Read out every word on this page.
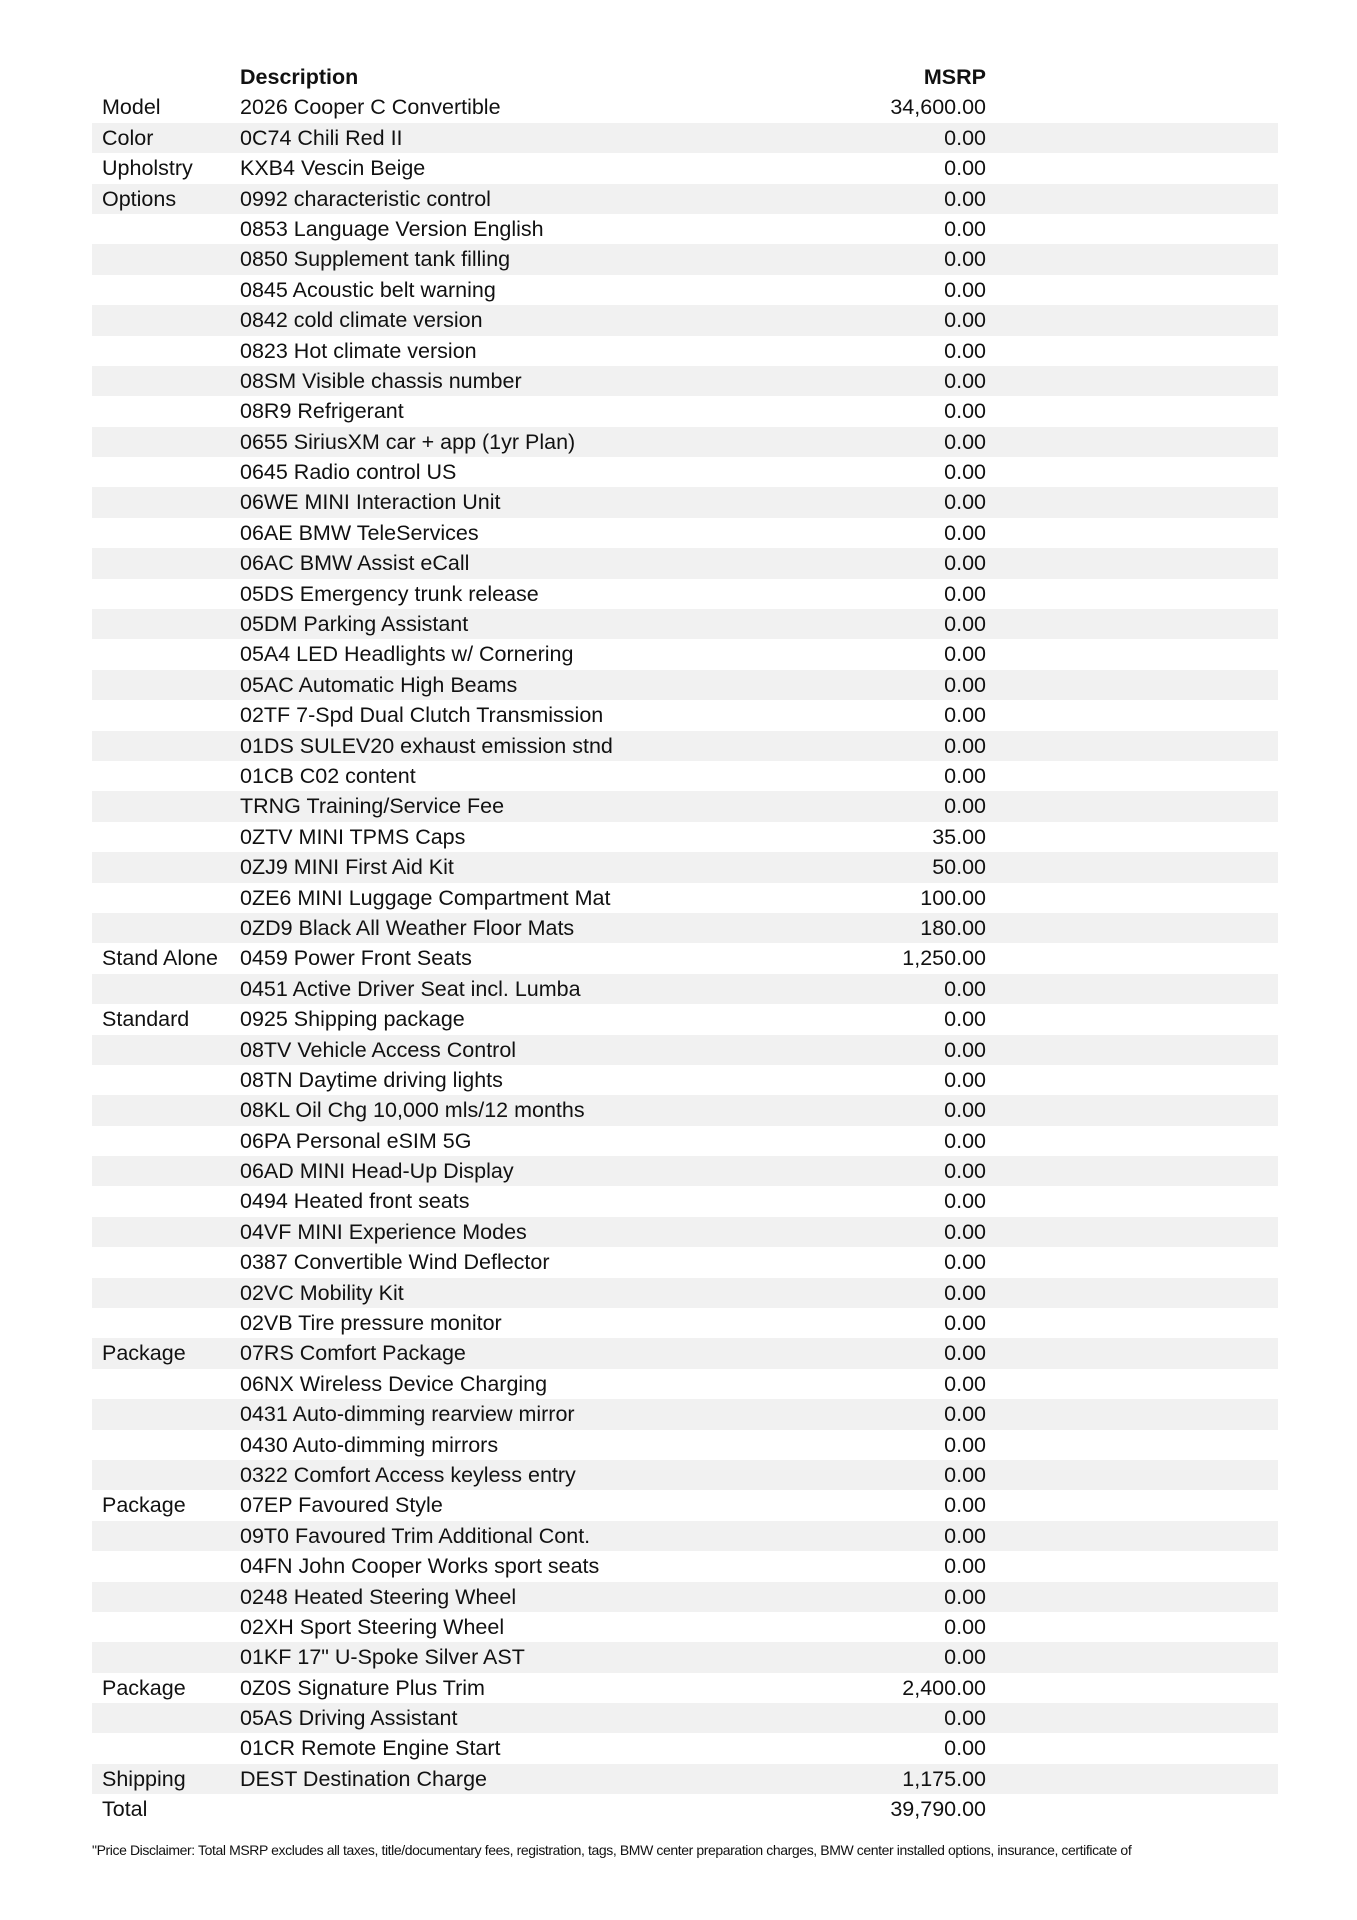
Description	MSRP
Model	2026 Cooper C Convertible	34,600.00
Color	0C74 Chili Red II	0.00
Upholstry KXB4 Vescin Beige	0.00
Options	0992 characteristic control	0.00
0853 Language Version English	0.00
0850 Supplement tank filling	0.00
0845 Acoustic belt warning	0.00
0842 cold climate version	0.00
0823 Hot climate version	0.00
08SM Visible chassis number	0.00
08R9 Refrigerant	0.00
0655 SiriusXM car + app (1yr Plan)	0.00
0645 Radio control US	0.00
06WE MINI Interaction Unit	0.00
06AE BMW TeleServices	0.00
06AC BMW Assist eCall	0.00
05DS Emergency trunk release	0.00
05DM Parking Assistant	0.00
05A4 LED Headlights w/ Cornering	0.00
05AC Automatic High Beams	0.00
02TF 7-Spd Dual Clutch Transmission	0.00
01DS SULEV20 exhaust emission stnd	0.00
01CB C02 content	0.00
TRNG Training/Service Fee	0.00
0ZTV MINI TPMS Caps	35.00
0ZJ9 MINI First Aid Kit	50.00
0ZE6 MINI Luggage Compartment Mat	100.00
0ZD9 Black All Weather Floor Mats	180.00
Stand Alone 0459 Power Front Seats	1,250.00
0451 Active Driver Seat incl. Lumba	0.00
Standard 0925 Shipping package	0.00
08TV Vehicle Access Control	0.00
08TN Daytime driving lights	0.00
08KL Oil Chg 10,000 mls/12 months	0.00
06PA Personal eSIM 5G	0.00
06AD MINI Head-Up Display	0.00
0494 Heated front seats	0.00
04VF MINI Experience Modes	0.00
0387 Convertible Wind Deflector	0.00
02VC Mobility Kit	0.00
02VB Tire pressure monitor	0.00
Package	07RS Comfort Package	0.00
06NX Wireless Device Charging	0.00
0431 Auto-dimming rearview mirror	0.00
0430 Auto-dimming mirrors	0.00
0322 Comfort Access keyless entry	0.00
Package	07EP Favoured Style	0.00
09T0 Favoured Trim Additional Cont.	0.00
04FN John Cooper Works sport seats	0.00
0248 Heated Steering Wheel	0.00
02XH Sport Steering Wheel	0.00
01KF 17" U-Spoke Silver AST	0.00
Package	0Z0S Signature Plus Trim	2,400.00
05AS Driving Assistant	0.00
01CR Remote Engine Start	0.00
Shipping	DEST Destination Charge	1,175.00
Total	39,790.00
"Price Disclaimer: Total MSRP excludes all taxes, title/documentary fees, registration, tags, BMW center preparation charges, BMW center installed options, insurance, certificate of
